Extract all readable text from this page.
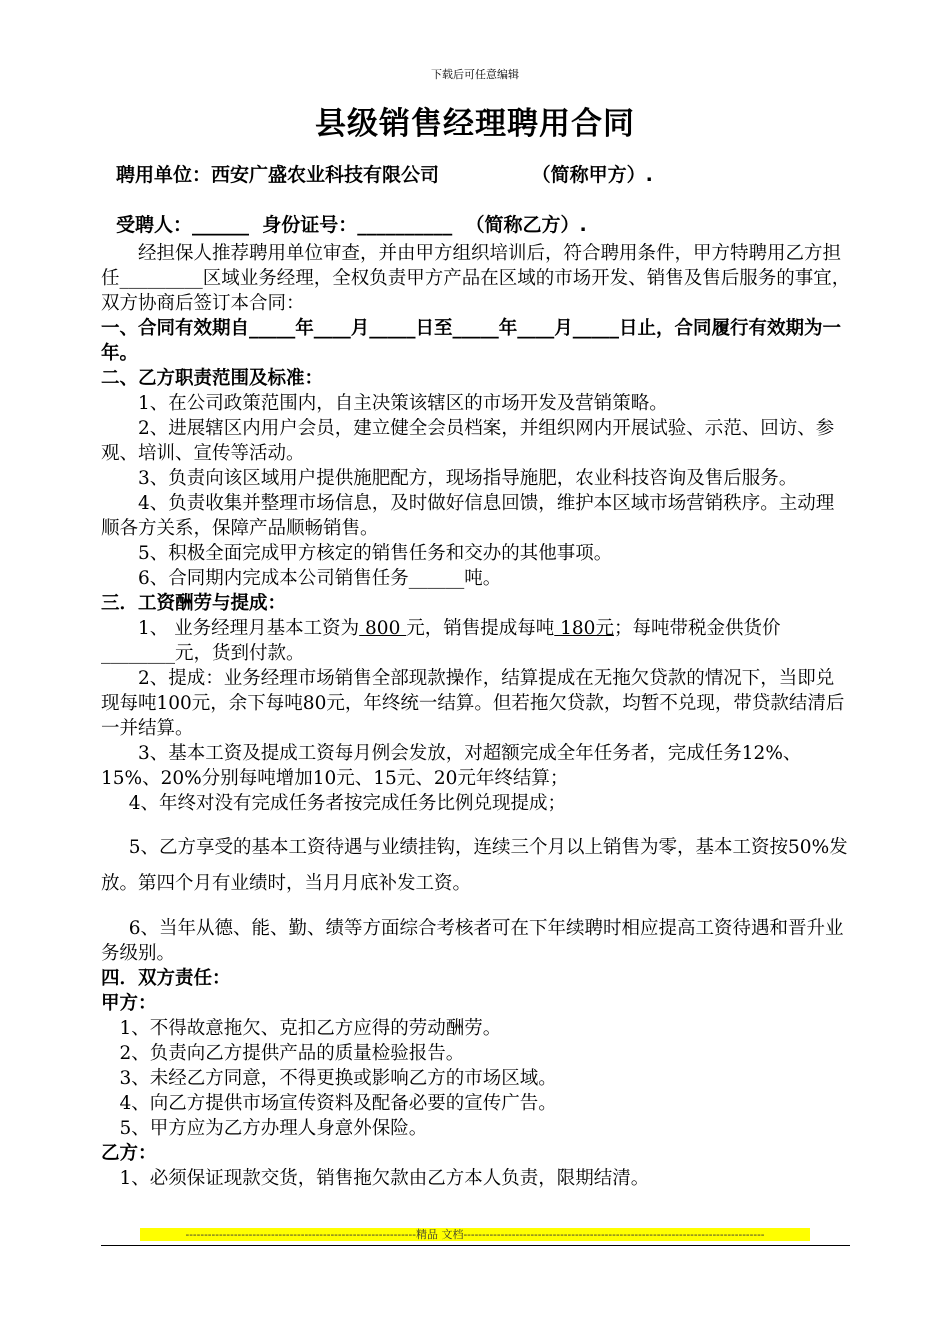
下载后可任意编辑
县级销售经理聘用合同
聘用单位：西安广盛农业科技有限公司              （简称甲方）.
受聘人：______  身份证号：__________  （简称乙方）.

经担保人推荐聘用单位审查，并由甲方组织培训后，符合聘用条件，甲方特聘用乙方担任_________区域业务经理，全权负责甲方产品在区域的市场开发、销售及售后服务的事宜，双方协商后签订本合同：

一、合同有效期自_____年____月_____日至_____年____月_____日止，合同履行有效期为一年。

二、乙方职责范围及标准：

1、在公司政策范围内，自主决策该辖区的市场开发及营销策略。

2、进展辖区内用户会员，建立健全会员档案，并组织网内开展试验、示范、回访、参观、培训、宣传等活动。

3、负责向该区域用户提供施肥配方，现场指导施肥，农业科技咨询及售后服务。

4、负责收集并整理市场信息，及时做好信息回馈，维护本区域市场营销秩序。主动理顺各方关系，保障产品顺畅销售。

5、积极全面完成甲方核定的销售任务和交办的其他事项。

6、合同期内完成本公司销售任务______吨。

三．工资酬劳与提成：

1、 业务经理月基本工资为 800 元，销售提成每吨 180元；每吨带税金供货价________元，货到付款。

2、提成：业务经理市场销售全部现款操作，结算提成在无拖欠贷款的情况下，当即兑现每吨100元，余下每吨80元，年终统一结算。但若拖欠贷款，均暂不兑现，带贷款结清后一并结算。

3、基本工资及提成工资每月例会发放，对超额完成全年任务者，完成任务12%、15%、20%分别每吨增加10元、15元、20元年终结算；

4、年终对没有完成任务者按完成任务比例兑现提成；

5、乙方享受的基本工资待遇与业绩挂钩，连续三个月以上销售为零，基本工资按50%发放。第四个月有业绩时，当月月底补发工资。

6、当年从德、能、勤、绩等方面综合考核者可在下年续聘时相应提高工资待遇和晋升业务级别。

四．双方责任：

甲方：

1、不得故意拖欠、克扣乙方应得的劳动酬劳。

2、负责向乙方提供产品的质量检验报告。

3、未经乙方同意，不得更换或影响乙方的市场区域。

4、向乙方提供市场宣传资料及配备必要的宣传广告。

5、甲方应为乙方办理人身意外保险。

乙方：

1、必须保证现款交货，销售拖欠款由乙方本人负责，限期结清。

--------------------------------------------------------------精品 文档---------------------------------------------------------------------------------
